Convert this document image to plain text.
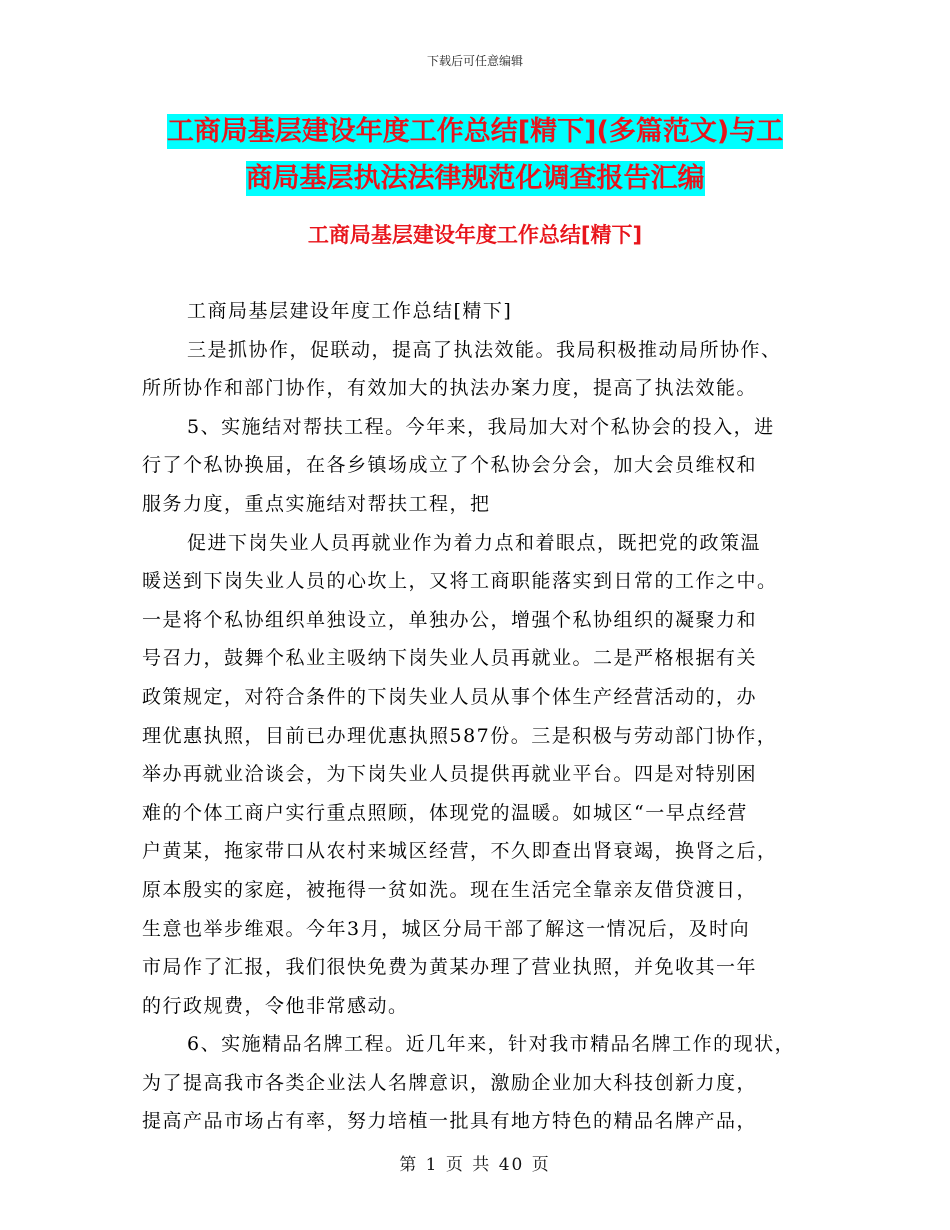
下载后可任意编辑
工商局基层建设年度工作总结[精下](多篇范文)与工
商局基层执法法律规范化调查报告汇编
工商局基层建设年度工作总结[精下]
工商局基层建设年度工作总结[精下]
三是抓协作，促联动，提高了执法效能。我局积极推动局所协作、
所所协作和部门协作，有效加大的执法办案力度，提高了执法效能。
5、实施结对帮扶工程。今年来，我局加大对个私协会的投入，进
行了个私协换届，在各乡镇场成立了个私协会分会，加大会员维权和
服务力度，重点实施结对帮扶工程，把
促进下岗失业人员再就业作为着力点和着眼点，既把党的政策温
暖送到下岗失业人员的心坎上，又将工商职能落实到日常的工作之中。
一是将个私协组织单独设立，单独办公，增强个私协组织的凝聚力和
号召力，鼓舞个私业主吸纳下岗失业人员再就业。二是严格根据有关
政策规定，对符合条件的下岗失业人员从事个体生产经营活动的，办
理优惠执照，目前已办理优惠执照587份。三是积极与劳动部门协作，
举办再就业洽谈会，为下岗失业人员提供再就业平台。四是对特别困
难的个体工商户实行重点照顾，体现党的温暖。如城区“一早点经营
户黄某，拖家带口从农村来城区经营，不久即查出肾衰竭，换肾之后，
原本殷实的家庭，被拖得一贫如洗。现在生活完全靠亲友借贷渡日，
生意也举步维艰。今年3月，城区分局干部了解这一情况后，及时向
市局作了汇报，我们很快免费为黄某办理了营业执照，并免收其一年
的行政规费，令他非常感动。
6、实施精品名牌工程。近几年来，针对我市精品名牌工作的现状，
为了提高我市各类企业法人名牌意识，激励企业加大科技创新力度，
提高产品市场占有率，努力培植一批具有地方特色的精品名牌产品，
第 1 页 共 40 页
